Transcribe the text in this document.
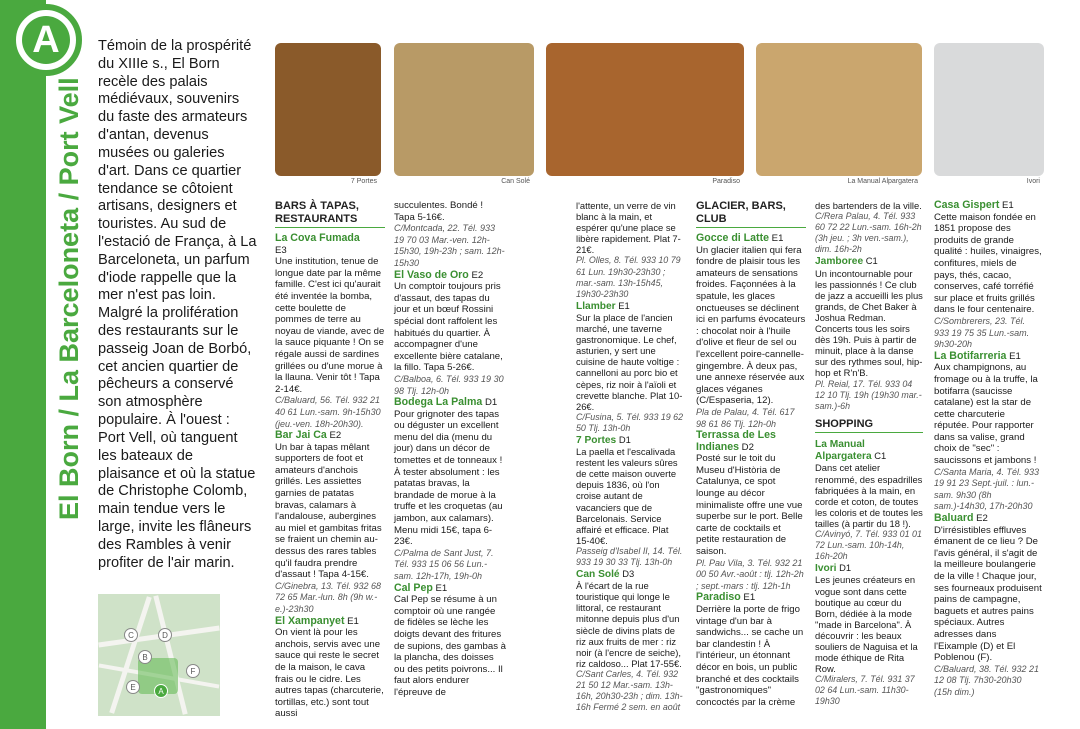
A
El Born / La Barceloneta / Port Vell
Témoin de la prospérité du XIIIe s., El Born recèle des palais médiévaux, souvenirs du faste des armateurs d'antan, devenus musées ou galeries d'art. Dans ce quartier tendance se côtoient artisans, designers et touristes. Au sud de l'estació de França, à La Barceloneta, un parfum d'iode rappelle que la mer n'est pas loin. Malgré la prolifération des restaurants sur le passeig Joan de Borbó, cet ancien quartier de pêcheurs a conservé son atmosphère populaire. À l'ouest : Port Vell, où tanguent les bateaux de plaisance et où la statue de Christophe Colomb, main tendue vers le large, invite les flâneurs des Rambles à venir profiter de l'air marin.
C	D
B
F
E	A
7 Portes	Can Solé	Paradiso	La Manual Alpargatera	Ivori
BARS À TAPAS, RESTAURANTS

La Cova Fumada

E3

Une institution, tenue de longue date par la même famille. C'est ici qu'aurait été inventée la bomba, cette boulette de pommes de terre au noyau de viande, avec de la sauce piquante ! On se régale aussi de sardines grillées ou d'une morue à la llauna. Venir tôt ! Tapa 2-14€.

C/Baluard, 56. Tél. 932 21 40 61 Lun.-sam. 9h-15h30 (jeu.-ven. 18h-20h30).

Bar Jai Ca E2

Un bar à tapas mêlant supporters de foot et amateurs d'anchois grillés. Les assiettes garnies de patatas bravas, calamars à l'andalouse, aubergines au miel et gambitas fritas se fraient un chemin au-dessus des rares tables qu'il faudra prendre d'assaut ! Tapa 4-15€.

C/Ginebra, 13. Tél. 932 68 72 65 Mar.-lun. 8h (9h w.-e.)-23h30

El Xampanyet E1

On vient là pour les anchois, servis avec une sauce qui reste le secret de la maison, le cava frais ou le cidre. Les autres tapas (charcuterie, tortillas, etc.) sont tout aussi

succulentes. Bondé ! Tapa 5-16€.

C/Montcada, 22. Tél. 933 19 70 03 Mar.-ven. 12h-15h30, 19h-23h ; sam. 12h-15h30

El Vaso de Oro E2

Un comptoir toujours pris d'assaut, des tapas du jour et un bœuf Rossini spécial dont raffolent les habitués du quartier. À accompagner d'une excellente bière catalane, la fillo. Tapa 5-26€.

C/Balboa, 6. Tél. 933 19 30 98 Tlj. 12h-0h

Bodega La Palma D1

Pour grignoter des tapas ou déguster un excellent menu del dia (menu du jour) dans un décor de tomettes et de tonneaux ! À tester absolument : les patatas bravas, la brandade de morue à la truffe et les croquetas (au jambon, aux calamars). Menu midi 15€, tapa 6-23€.

C/Palma de Sant Just, 7. Tél. 933 15 06 56 Lun.-sam. 12h-17h, 19h-0h

Cal Pep E1

Cal Pep se résume à un comptoir où une rangée de fidèles se lèche les doigts devant des fritures de supions, des gambas à la plancha, des doisses ou des petits poivrons... Il faut alors endurer l'épreuve de

l'attente, un verre de vin blanc à la main, et espérer qu'une place se libère rapidement. Plat 7-21€.

Pl. Olles, 8. Tél. 933 10 79 61 Lun. 19h30-23h30 ; mar.-sam. 13h-15h45, 19h30-23h30

Llamber E1

Sur la place de l'ancien marché, une taverne gastronomique. Le chef, asturien, y sert une cuisine de haute voltige : cannelloni au porc bio et cèpes, riz noir à l'aïoli et crevette blanche. Plat 10-26€.

C/Fusina, 5. Tél. 933 19 62 50 Tlj. 13h-0h

7 Portes D1

La paella et l'escalivada restent les valeurs sûres de cette maison ouverte depuis 1836, où l'on croise autant de vacanciers que de Barcelonais. Service affairé et efficace. Plat 15-40€.

Passeig d'Isabel II, 14. Tél. 933 19 30 33 Tlj. 13h-0h

Can Solé D3

À l'écart de la rue touristique qui longe le littoral, ce restaurant mitonne depuis plus d'un siècle de divins plats de riz aux fruits de mer : riz noir (à l'encre de seiche), riz caldoso... Plat 17-55€.

C/Sant Carles, 4. Tél. 932 21 50 12 Mar.-sam. 13h-16h, 20h30-23h ; dim. 13h-16h Fermé 2 sem. en août

GLACIER, BARS, CLUB

Gocce di Latte E1

Un glacier italien qui fera fondre de plaisir tous les amateurs de sensations froides. Façonnées à la spatule, les glaces onctueuses se déclinent ici en parfums évocateurs : chocolat noir à l'huile d'olive et fleur de sel ou l'excellent poire-cannelle-gingembre. À deux pas, une annexe réservée aux glaces véganes (C/Espaseria, 12).

Pla de Palau, 4. Tél. 617 98 61 86 Tlj. 12h-0h

Terrassa de Les Indianes D2

Posté sur le toit du Museu d'Història de Catalunya, ce spot lounge au décor minimaliste offre une vue superbe sur le port. Belle carte de cocktails et petite restauration de saison.

Pl. Pau Vila, 3. Tél. 932 21 00 50 Avr.-août : tlj. 12h-2h ; sept.-mars : tlj. 12h-1h

Paradiso E1

Derrière la porte de frigo vintage d'un bar à sandwichs... se cache un bar clandestin ! À l'intérieur, un étonnant décor en bois, un public branché et des cocktails "gastronomiques" concoctés par la crème

des bartenders de la ville.

C/Rera Palau, 4. Tél. 933 60 72 22 Lun.-sam. 16h-2h (3h jeu. ; 3h ven.-sam.), dim. 16h-2h

Jamboree C1

Un incontournable pour les passionnés ! Ce club de jazz a accueilli les plus grands, de Chet Baker à Joshua Redman. Concerts tous les soirs dès 19h. Puis à partir de minuit, place à la danse sur des rythmes soul, hip-hop et R'n'B.

Pl. Reial, 17. Tél. 933 04 12 10 Tlj. 19h (19h30 mar.-sam.)-6h

SHOPPING

La Manual Alpargatera C1

Dans cet atelier renommé, des espadrilles fabriquées à la main, en corde et coton, de toutes les coloris et de toutes les tailles (à partir du 18 !).

C/Avinyó, 7. Tél. 933 01 01 72 Lun.-sam. 10h-14h, 16h-20h

Ivori D1

Les jeunes créateurs en vogue sont dans cette boutique au cœur du Born, dédiée à la mode "made in Barcelona". À découvrir : les beaux souliers de Naguisa et la mode éthique de Rita Row.

C/Miralers, 7. Tél. 931 37 02 64 Lun.-sam. 11h30-19h30

Casa Gispert E1

Cette maison fondée en 1851 propose des produits de grande qualité : huiles, vinaigres, confitures, miels de pays, thés, cacao, conserves, café torréfié sur place et fruits grillés dans le four centenaire.

C/Sombrerers, 23. Tél. 933 19 75 35 Lun.-sam. 9h30-20h

La Botifarreria E1

Aux champignons, au fromage ou à la truffe, la botifarra (saucisse catalane) est la star de cette charcuterie réputée. Pour rapporter dans sa valise, grand choix de "sec" : saucissons et jambons !

C/Santa Maria, 4. Tél. 933 19 91 23 Sept.-juil. : lun.-sam. 9h30 (8h sam.)-14h30, 17h-20h30

Baluard E2

D'irrésistibles effluves émanent de ce lieu ? De l'avis général, il s'agit de la meilleure boulangerie de la ville ! Chaque jour, ses fourneaux produisent pains de campagne, baguets et autres pains spéciaux. Autres adresses dans l'Eixample (D) et El Poblenou (F).

C/Baluard, 38. Tél. 932 21 12 08 Tlj. 7h30-20h30 (15h dim.)
